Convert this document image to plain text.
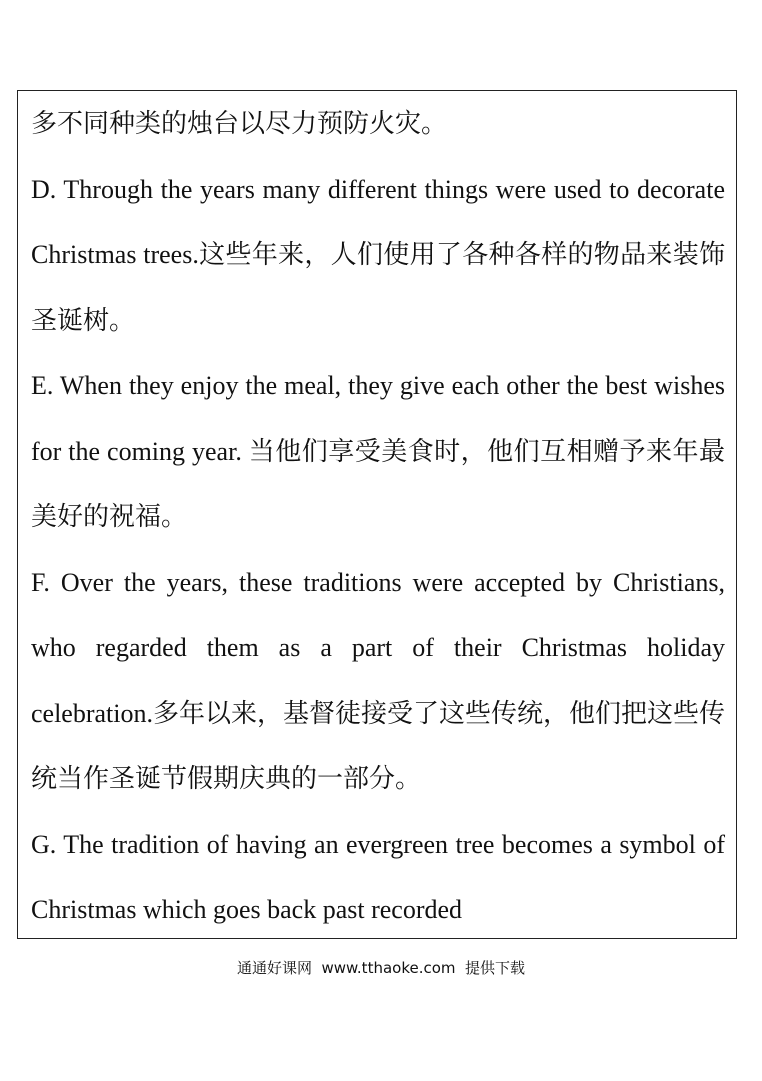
多不同种类的烛台以尽力预防火灾。

D. Through the years many different things were used to decorate Christmas trees.这些年来，人们使用了各种各样的物品来装饰圣诞树。

E. When they enjoy the meal, they give each other the best wishes for the coming year. 当他们享受美食时，他们互相赠予来年最美好的祝福。

F. Over the years, these traditions were accepted by Christians, who regarded them as a part of their Christmas holiday celebration.多年以来，基督徒接受了这些传统，他们把这些传统当作圣诞节假期庆典的一部分。

G. The tradition of having an evergreen tree becomes a symbol of Christmas which goes back past recorded

通通好课网  www.tthaoke.com  提供下载
